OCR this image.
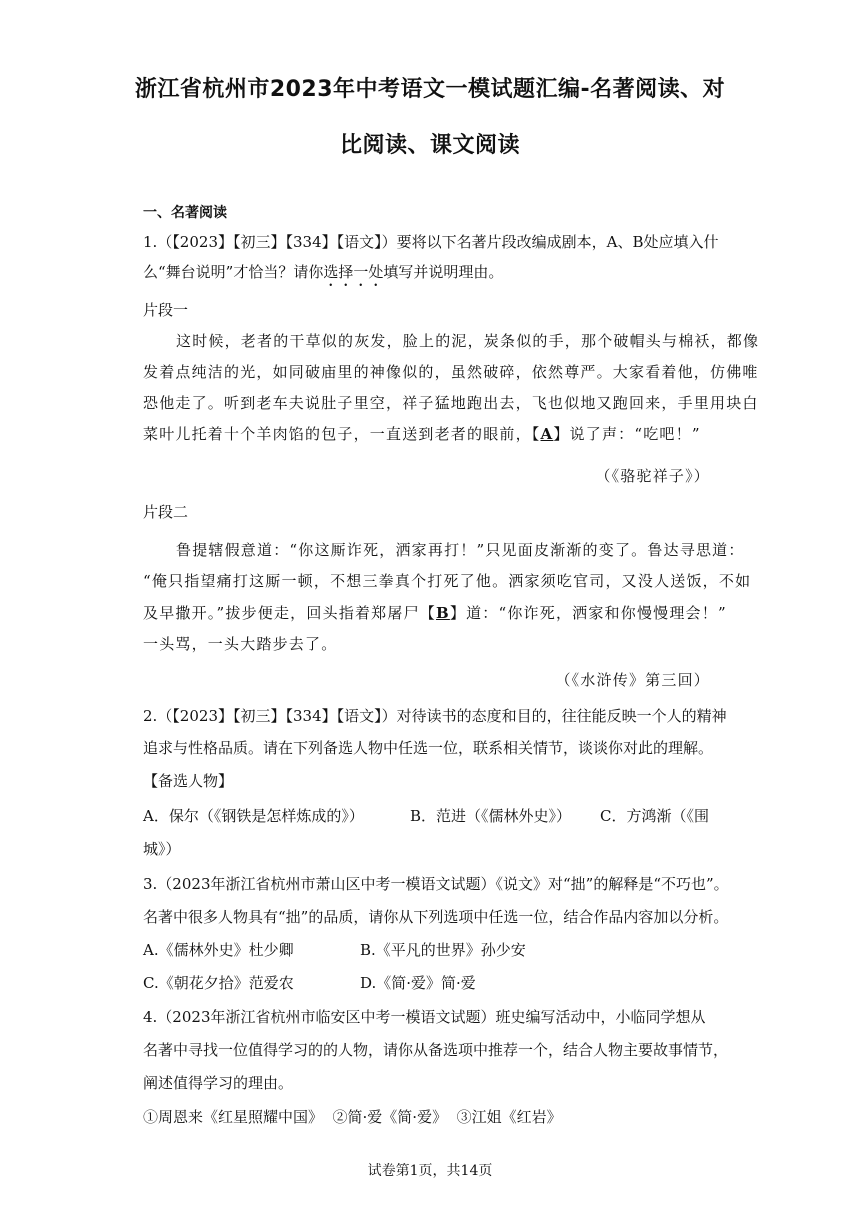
浙江省杭州市2023年中考语文一模试题汇编-名著阅读、对
比阅读、课文阅读
一、名著阅读
1.（【2023】【初三】【334】【语文】）要将以下名著片段改编成剧本，A、B处应填入什
么“舞台说明”才恰当？请你选择一处填写并说明理由。
片段一
这时候，老者的干草似的灰发，脸上的泥，炭条似的手，那个破帽头与棉袄，都像
发着点纯洁的光，如同破庙里的神像似的，虽然破碎，依然尊严。大家看着他，仿佛唯
恐他走了。听到老车夫说肚子里空，祥子猛地跑出去，飞也似地又跑回来，手里用块白
菜叶儿托着十个羊肉馅的包子，一直送到老者的眼前，【A】说了声：“吃吧！”
（《骆驼祥子》）
片段二
鲁提辖假意道：“你这厮诈死，洒家再打！”只见面皮渐渐的变了。鲁达寻思道：
“俺只指望痛打这厮一顿，不想三拳真个打死了他。洒家须吃官司，又没人送饭，不如
及早撒开。”拔步便走，回头指着郑屠尸【B】道：“你诈死，洒家和你慢慢理会！”
一头骂，一头大踏步去了。
（《水浒传》第三回）
2.（【2023】【初三】【334】【语文】）对待读书的态度和目的，往往能反映一个人的精神
追求与性格品质。请在下列备选人物中任选一位，联系相关情节，谈谈你对此的理解。
【备选人物】
A．保尔（《钢铁是怎样炼成的》）	B．范进（《儒林外史》） C．方鸿渐（《围
城》）
3.（2023年浙江省杭州市萧山区中考一模语文试题）《说文》对“拙”的解释是“不巧也”。
名著中很多人物具有“拙”的品质，请你从下列选项中任选一位，结合作品内容加以分析。
A.《儒林外史》杜少卿	B.《平凡的世界》孙少安
C.《朝花夕拾》范爱农	D.《简·爱》简·爱
4.（2023年浙江省杭州市临安区中考一模语文试题）班史编写活动中，小临同学想从
名著中寻找一位值得学习的的人物，请你从备选项中推荐一个，结合人物主要故事情节，
阐述值得学习的理由。
①周恩来《红星照耀中国》  ②简·爱《简·爱》  ③江姐《红岩》
试卷第1页，共14页
